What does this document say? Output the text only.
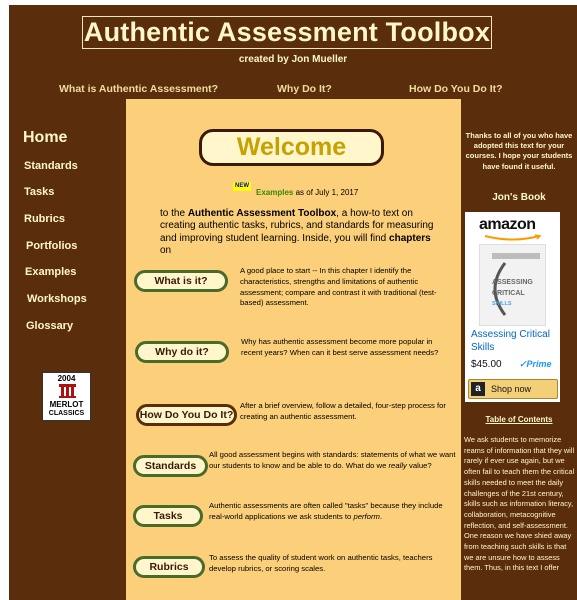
Authentic Assessment Toolbox
created by Jon Mueller
What is Authentic Assessment?	Why Do It?	How Do You Do It?
Home
Standards
Tasks
Rubrics
Portfolios
Examples
Workshops
Glossary
2004
MERLOT
CLASSICS
Welcome
NEW
Examples as of July 1, 2017
to the Authentic Assessment Toolbox, a how-to text on creating authentic tasks, rubrics, and standards for measuring and improving student learning. Inside, you will find chapters on
What is it?
A good place to start -- In this chapter I identify the characteristics, strengths and limitations of authentic assessment; compare and contrast it with traditional (test-based) assessment.
Why do it?
Why has authentic assessment become more popular in recent years? When can it best serve assessment needs?
How Do You Do It?
After a brief overview, follow a detailed, four-step process for creating an authentic assessment.
Standards
All good assessment begins with standards: statements of what we want our students to know and be able to do. What do we really value?
Tasks
Authentic assessments are often called "tasks" because they include real-world applications we ask students to perform.
Rubrics
To assess the quality of student work on authentic tasks, teachers develop rubrics, or scoring scales.
Thanks to all of you who have adopted this text for your courses. I hope your students have found it useful.
Jon's Book
amazon
ASSESSING
CRITICAL
SKILLS
Assessing Critical Skills
$45.00 ✓Prime
a	Shop now
Table of Contents
We ask students to memorize reams of information that they will rarely if ever use again, but we often fail to teach them the critical skills needed to meet the daily challenges of the 21st century, skills such as information literacy, collaboration, metacognitive reflection, and self-assessment. One reason we have shied away from teaching such skills is that we are unsure how to assess them. Thus, in this text I offer
